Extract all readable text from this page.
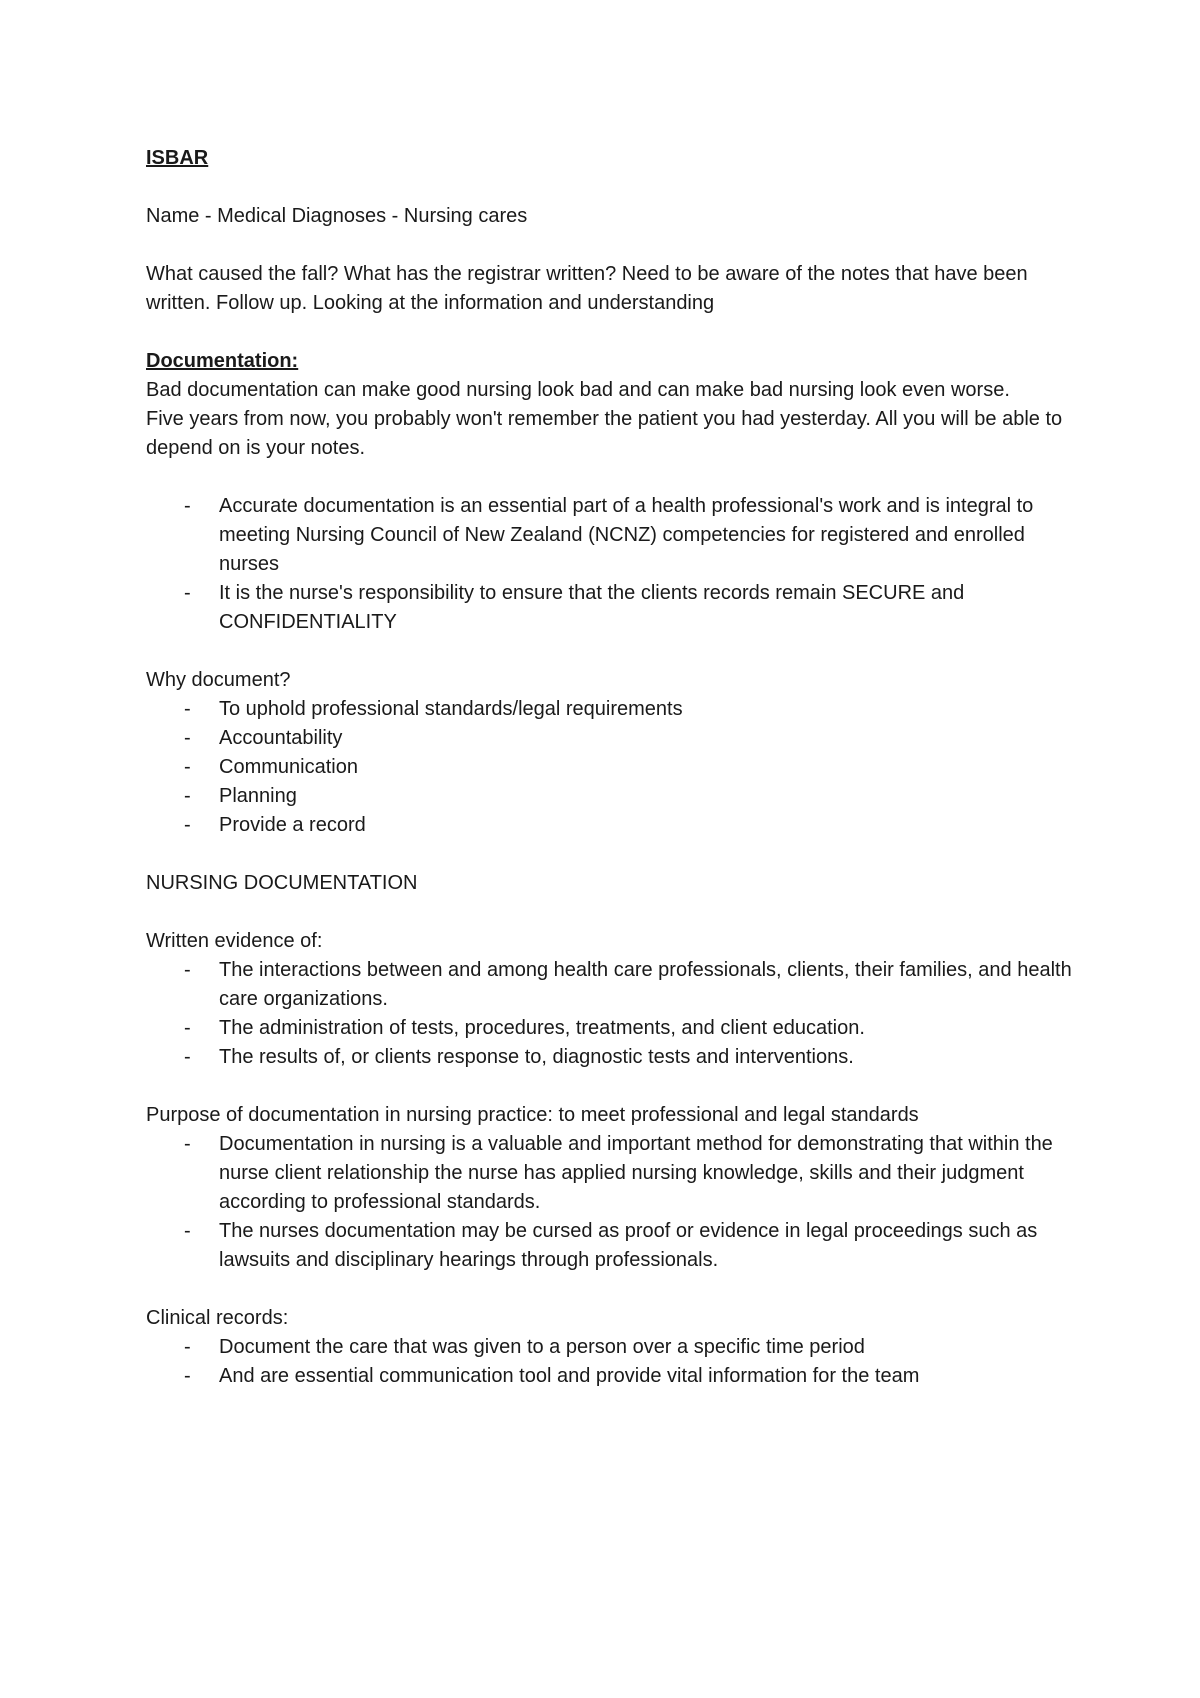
ISBAR

Name - Medical Diagnoses - Nursing cares

What caused the fall? What has the registrar written? Need to be aware of the notes that have been written. Follow up. Looking at the information and understanding

Documentation:

Bad documentation can make good nursing look bad and can make bad nursing look even worse.

Five years from now, you probably won't remember the patient you had yesterday. All you will be able to depend on is your notes.

- Accurate documentation is an essential part of a health professional's work and is integral to meeting Nursing Council of New Zealand (NCNZ) competencies for registered and enrolled nurses
- It is the nurse's responsibility to ensure that the clients records remain SECURE and CONFIDENTIALITY

Why document?

- To uphold professional standards/legal requirements
- Accountability
- Communication
- Planning
- Provide a record

NURSING DOCUMENTATION

Written evidence of:

- The interactions between and among health care professionals, clients, their families, and health care organizations.
- The administration of tests, procedures, treatments, and client education.
- The results of, or clients response to, diagnostic tests and interventions.

Purpose of documentation in nursing practice: to meet professional and legal standards

- Documentation in nursing is a valuable and important method for demonstrating that within the nurse client relationship the nurse has applied nursing knowledge, skills and their judgment according to professional standards.
- The nurses documentation may be cursed as proof or evidence in legal proceedings such as lawsuits and disciplinary hearings through professionals.

Clinical records:

- Document the care that was given to a person over a specific time period
- And are essential communication tool and provide vital information for the team
